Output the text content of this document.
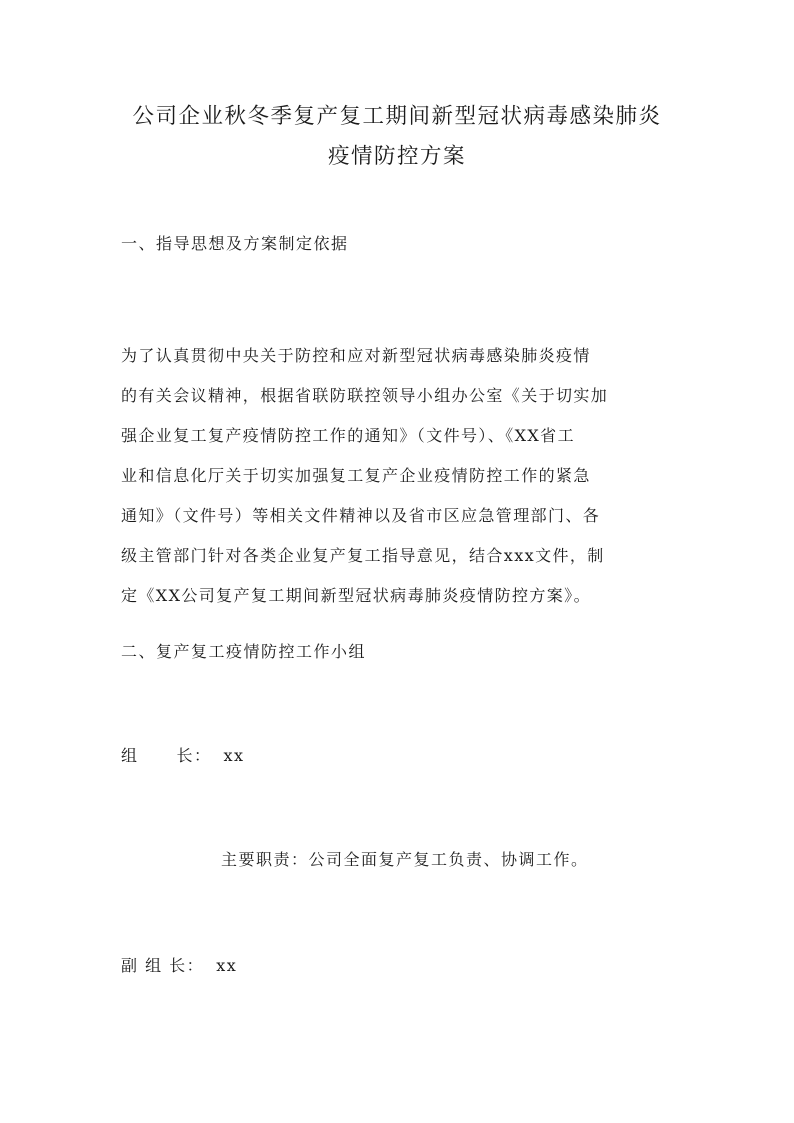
公司企业秋冬季复产复工期间新型冠状病毒感染肺炎
疫情防控方案
一、指导思想及方案制定依据
为了认真贯彻中央关于防控和应对新型冠状病毒感染肺炎疫情
的有关会议精神，根据省联防联控领导小组办公室《关于切实加
强企业复工复产疫情防控工作的通知》（文件号）、《XX省工
业和信息化厅关于切实加强复工复产企业疫情防控工作的紧急
通知》（文件号）等相关文件精神以及省市区应急管理部门、各
级主管部门针对各类企业复产复工指导意见，结合xxx文件，制
定《XX公司复产复工期间新型冠状病毒肺炎疫情防控方案》。
二、复产复工疫情防控工作小组
组 长： xx
主要职责：公司全面复产复工负责、协调工作。
副 组 长： xx
